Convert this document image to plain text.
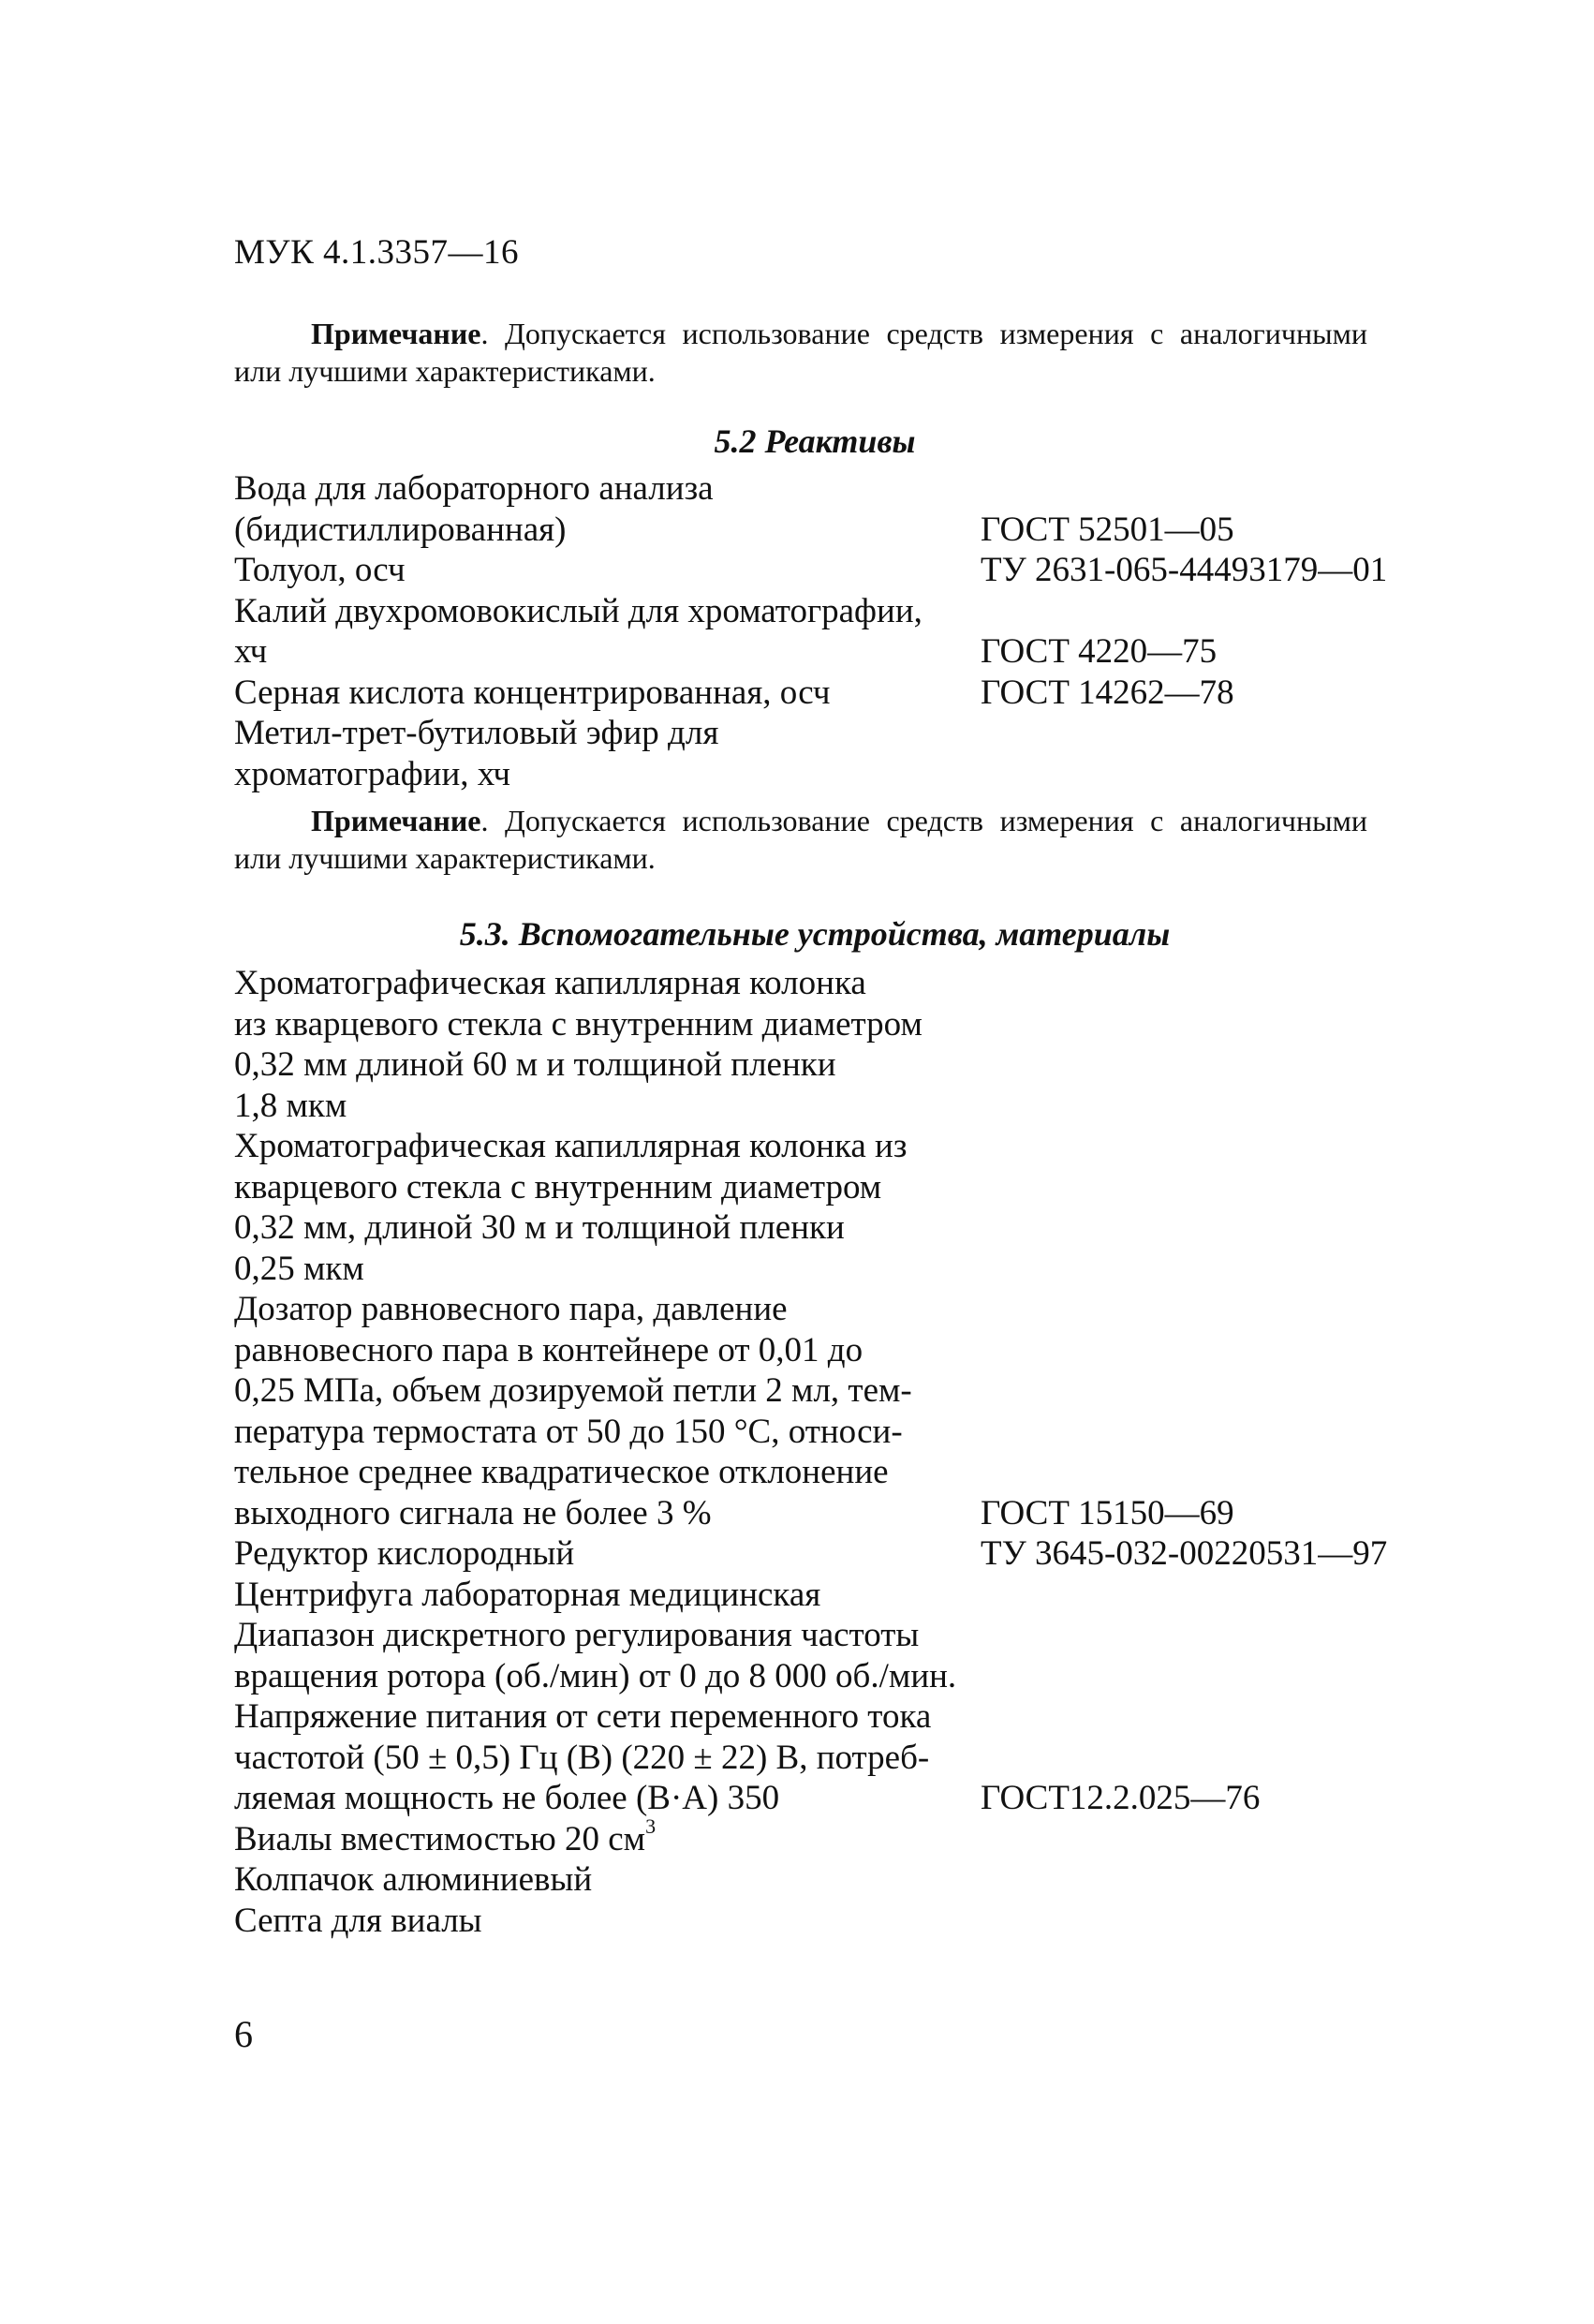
МУК 4.1.3357—16
Примечание. Допускается использование средств измерения с аналогичными или лучшими характеристиками.
5.2 Реактивы
Вода для лабораторного анализа
(бидистиллированная)	ГОСТ 52501—05
Толуол, осч	ТУ 2631-065-44493179—01
Калий двухромовокислый для хроматографии,
хч	ГОСТ 4220—75
Серная кислота концентрированная, осч	ГОСТ 14262—78
Метил-трет-бутиловый эфир для
хроматографии, хч
Примечание. Допускается использование средств измерения с аналогичными или лучшими характеристиками.
5.3. Вспомогательные устройства, материалы
Хроматографическая капиллярная колонка
из кварцевого стекла с внутренним диаметром
0,32 мм длиной 60 м и толщиной пленки
1,8 мкм
Хроматографическая капиллярная колонка из
кварцевого стекла с внутренним диаметром
0,32 мм, длиной 30 м и толщиной пленки
0,25 мкм
Дозатор равновесного пара, давление
равновесного пара в контейнере от 0,01 до
0,25 МПа, объем дозируемой петли 2 мл, тем-
пература термостата от 50 до 150 °С, относи-
тельное среднее квадратическое отклонение
выходного сигнала не более 3 %	ГОСТ 15150—69
Редуктор кислородный	ТУ 3645-032-00220531—97
Центрифуга лабораторная медицинская
Диапазон дискретного регулирования частоты
вращения ротора (об./мин) от 0 до 8 000 об./мин.
Напряжение питания от сети переменного тока
частотой (50 ± 0,5) Гц (В) (220 ± 22) В, потреб-
ляемая мощность не более (В·А) 350	ГОСТ12.2.025—76
Виалы вместимостью 20 $см^3$
Колпачок алюминиевый
Септа для виалы
6
